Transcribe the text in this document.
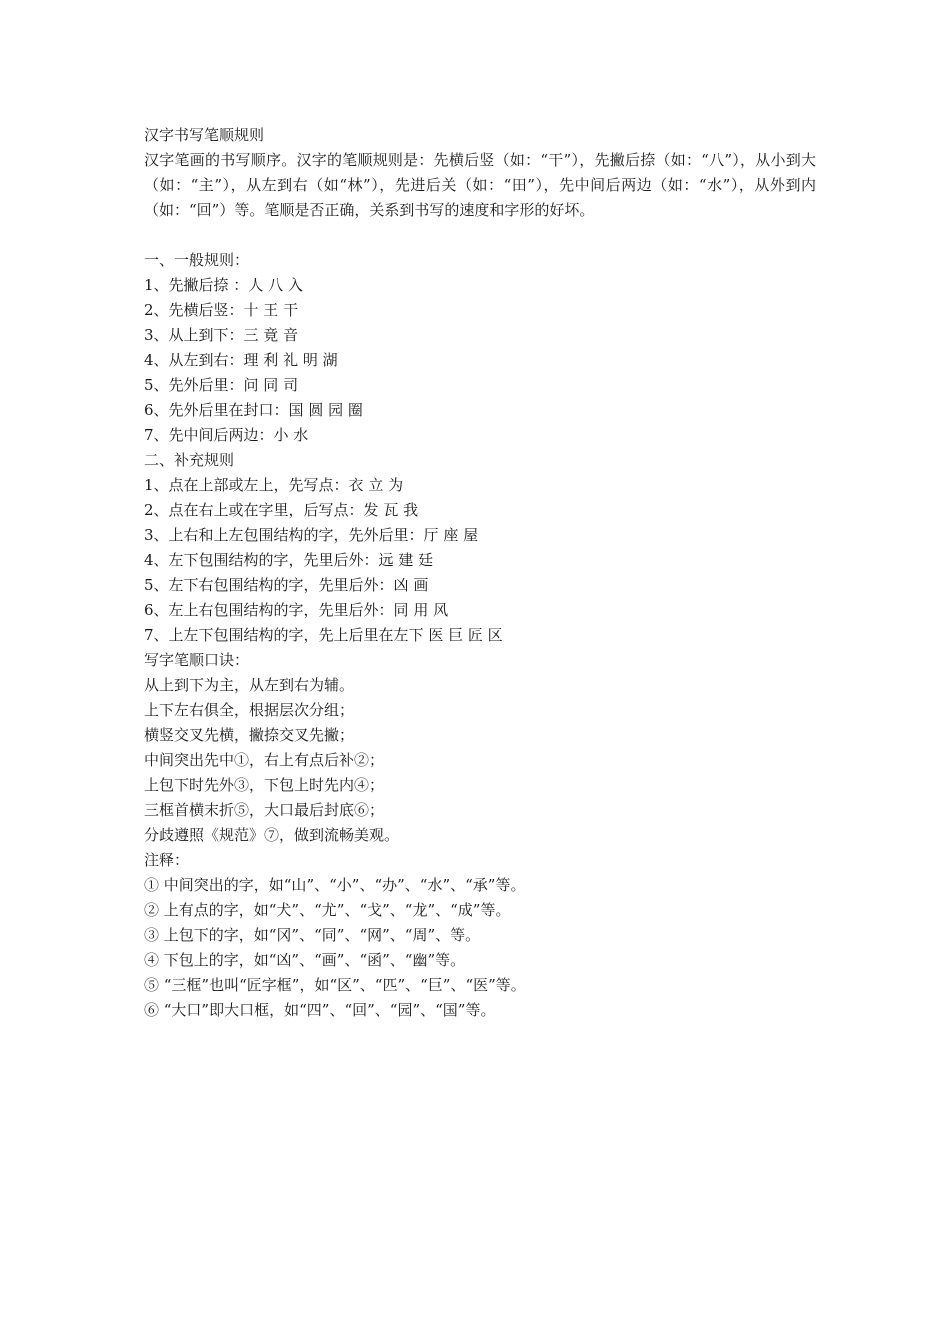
汉字书写笔顺规则
汉字笔画的书写顺序。汉字的笔顺规则是：先横后竖（如：“干”），先撇后捺（如：“八”），从小到大（如：“主”），从左到右（如“林”），先进后关（如：“田”），先中间后两边（如：“水”），从外到内（如：“回”）等。笔顺是否正确，关系到书写的速度和字形的好坏。
一、一般规则：
1、先撇后捺 ：人 八 入
2、先横后竖：十 王 干
3、从上到下：三 竟 音
4、从左到右：理 利 礼 明 湖
5、先外后里：问 同 司
6、先外后里在封口：国 圆 园 圈
7、先中间后两边：小 水
二、补充规则
1、点在上部或左上，先写点：衣 立 为
2、点在右上或在字里，后写点：发 瓦 我
3、上右和上左包围结构的字，先外后里：厅 座 屋
4、左下包围结构的字，先里后外：远 建 廷
5、左下右包围结构的字，先里后外：凶 画
6、左上右包围结构的字，先里后外：同 用 风
7、上左下包围结构的字，先上后里在左下 医 巨 匠 区
写字笔顺口诀：
从上到下为主，从左到右为辅。
上下左右俱全，根据层次分组；
横竖交叉先横，撇捺交叉先撇；
中间突出先中①，右上有点后补②；
上包下时先外③，下包上时先内④；
三框首横末折⑤，大口最后封底⑥；
分歧遵照《规范》⑦，做到流畅美观。
注释：
① 中间突出的字，如“山”、“小”、“办”、“水”、“承”等。
② 上有点的字，如“犬”、“尤”、“戈”、“龙”、“成”等。
③ 上包下的字，如“冈”、“同”、“网”、“周”、等。
④ 下包上的字，如“凶”、“画”、“函”、“幽”等。
⑤ “三框”也叫“匠字框”，如“区”、“匹”、“巨”、“医”等。
⑥ “大口”即大口框，如“四”、“回”、“园”、“国”等。
